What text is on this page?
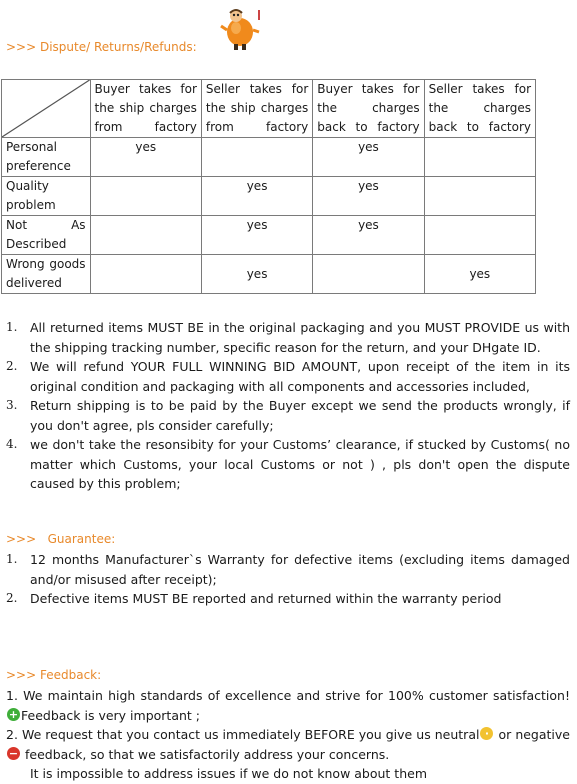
>>> Dispute/ Returns/Refunds:
	Buyer takes for the ship charges from factory	Seller takes for the ship charges from factory	Buyer takes for the charges back to factory	Seller takes for the charges back to factory
Personal preference	yes		yes	
Quality problem		yes	yes	
Not As Described		yes	yes	
Wrong goods delivered		yes		yes
1. All returned items MUST BE in the original packaging and you MUST PROVIDE us with the shipping tracking number, specific reason for the return, and your DHgate ID.
2. We will refund YOUR FULL WINNING BID AMOUNT, upon receipt of the item in its original condition and packaging with all components and accessories included,
3. Return shipping is to be paid by the Buyer except we send the products wrongly, if you don't agree, pls consider carefully;
4. we don't take the resonsibity for your Customs’ clearance, if stucked by Customs( no matter which Customs, your local Customs or not ) , pls don't open the dispute caused by this problem;
>>>   Guarantee:
1. 12 months Manufacturer`s Warranty for defective items (excluding items damaged and/or misused after receipt);
2. Defective items MUST BE reported and returned within the warranty period
>>> Feedback:

1. We maintain high standards of excellence and strive for 100% customer satisfaction!
+ Feedback is very important ;

2. We request that you contact us immediately BEFORE you give us neutral · or negative
− feedback, so that we satisfactorily address your concerns.

It is impossible to address issues if we do not know about them
